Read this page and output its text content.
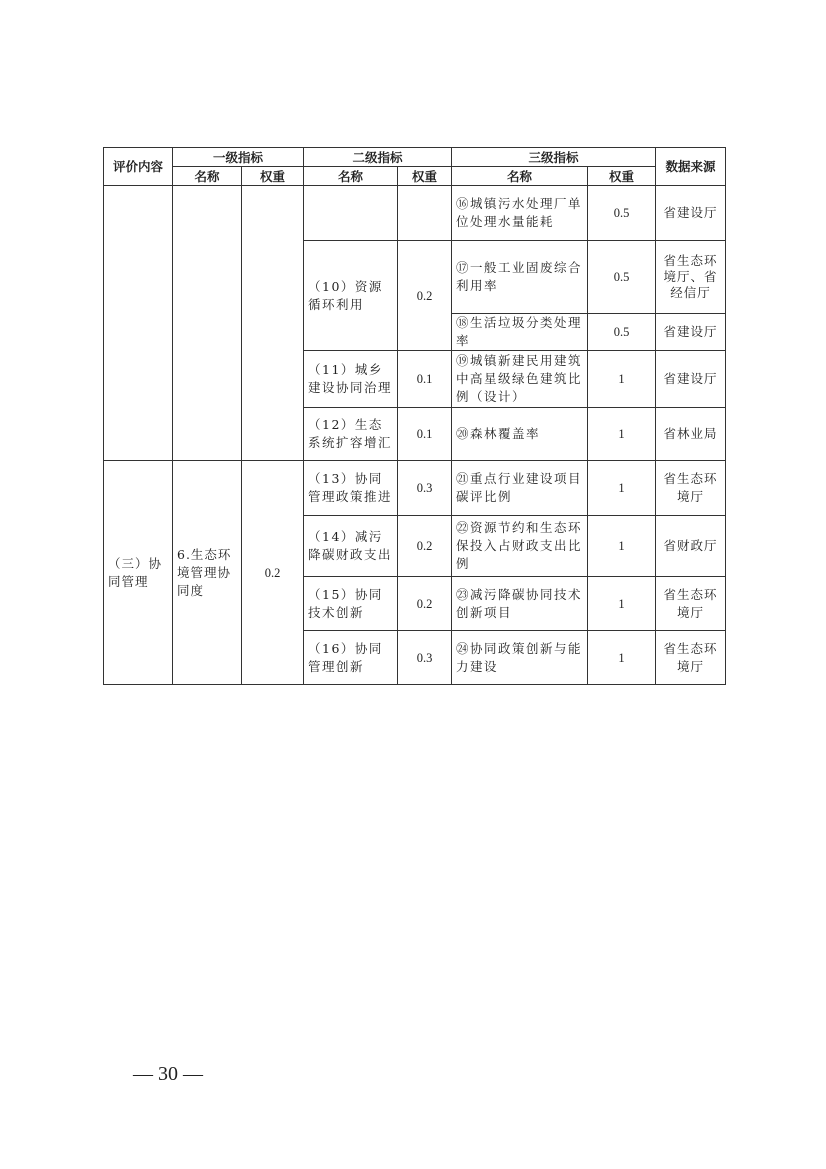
评价内容	一级指标		二级指标		三级指标		数据来源
	名称	权重	名称	权重	名称	权重	
					⑯城镇污水处理厂单位处理水量能耗	0.5	省建设厅
			（10）资源循环利用	0.2	⑰一般工业固废综合利用率	0.5	省生态环境厅、省经信厅
					⑱生活垃圾分类处理率	0.5	省建设厅
			（11）城乡建设协同治理	0.1	⑲城镇新建民用建筑中高星级绿色建筑比例（设计）	1	省建设厅
			（12）生态系统扩容增汇	0.1	⑳森林覆盖率	1	省林业局
（三）协同管理	6.生态环境管理协同度	0.2	（13）协同管理政策推进	0.3	㉑重点行业建设项目碳评比例	1	省生态环境厅
			（14）减污降碳财政支出	0.2	㉒资源节约和生态环保投入占财政支出比例	1	省财政厅
			（15）协同技术创新	0.2	㉓减污降碳协同技术创新项目	1	省生态环境厅
			（16）协同管理创新	0.3	㉔协同政策创新与能力建设	1	省生态环境厅
— 30 —
